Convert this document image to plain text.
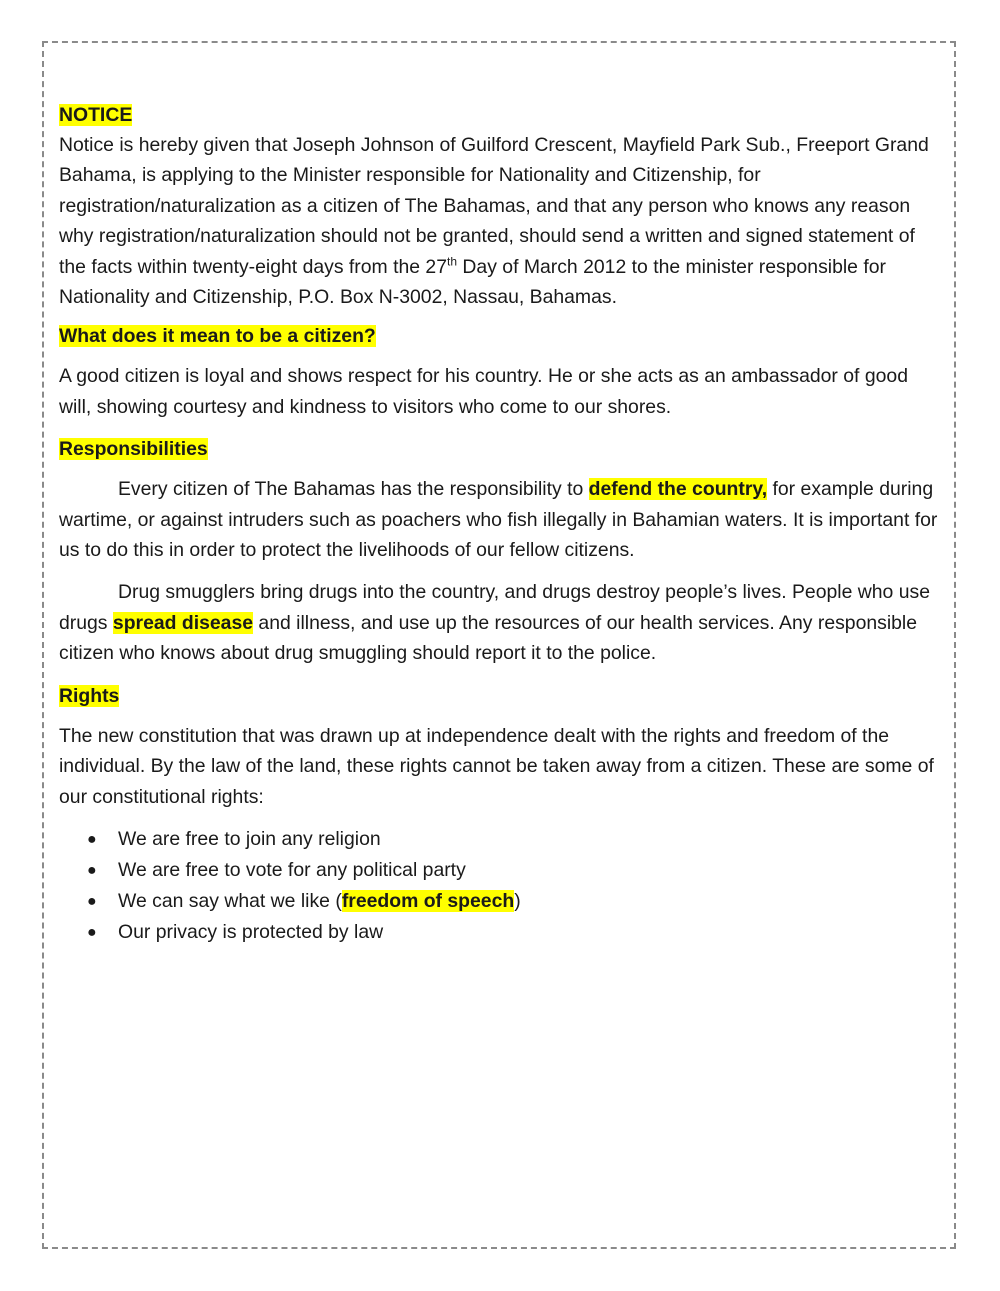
NOTICE

Notice is hereby given that Joseph Johnson of Guilford Crescent, Mayfield Park Sub., Freeport Grand Bahama, is applying to the Minister responsible for Nationality and Citizenship, for registration/naturalization as a citizen of The Bahamas, and that any person who knows any reason why registration/naturalization should not be granted, should send a written and signed statement of the facts within twenty-eight days from the 27th Day of March 2012 to the minister responsible for Nationality and Citizenship, P.O. Box N-3002, Nassau, Bahamas.

What does it mean to be a citizen?

A good citizen is loyal and shows respect for his country. He or she acts as an ambassador of good will, showing courtesy and kindness to visitors who come to our shores.

Responsibilities

Every citizen of The Bahamas has the responsibility to defend the country, for example during wartime, or against intruders such as poachers who fish illegally in Bahamian waters. It is important for us to do this in order to protect the livelihoods of our fellow citizens.

Drug smugglers bring drugs into the country, and drugs destroy people’s lives. People who use drugs spread disease and illness, and use up the resources of our health services. Any responsible citizen who knows about drug smuggling should report it to the police.

Rights

The new constitution that was drawn up at independence dealt with the rights and freedom of the individual. By the law of the land, these rights cannot be taken away from a citizen. These are some of our constitutional rights:

● We are free to join any religion
● We are free to vote for any political party
● We can say what we like (freedom of speech)
● Our privacy is protected by law
